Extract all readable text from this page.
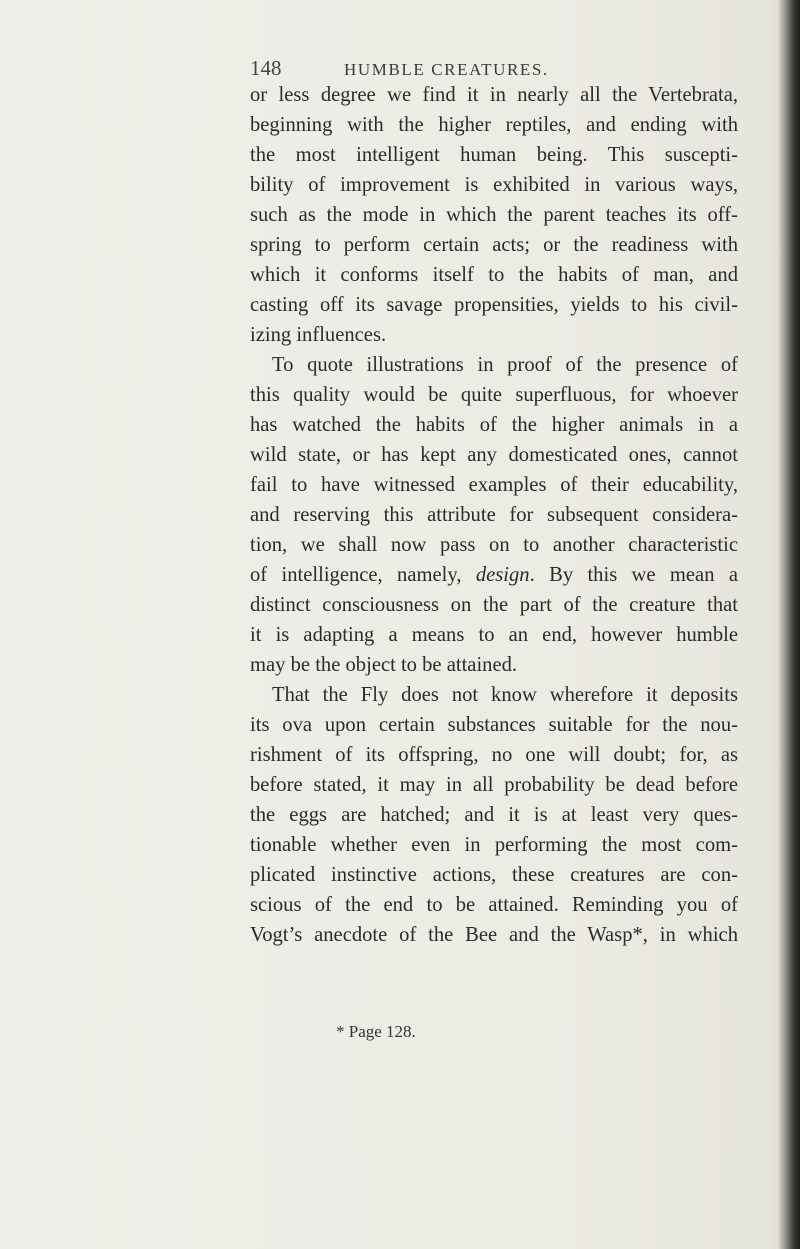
148	HUMBLE CREATURES.
or less degree we find it in nearly all the Vertebrata,
beginning with the higher reptiles, and ending with
the most intelligent human being. This suscepti-
bility of improvement is exhibited in various ways,
such as the mode in which the parent teaches its off-
spring to perform certain acts; or the readiness with
which it conforms itself to the habits of man, and
casting off its savage propensities, yields to his civil-
izing influences.
To quote illustrations in proof of the presence of
this quality would be quite superfluous, for whoever
has watched the habits of the higher animals in a
wild state, or has kept any domesticated ones, cannot
fail to have witnessed examples of their educability,
and reserving this attribute for subsequent considera-
tion, we shall now pass on to another characteristic
of intelligence, namely, design. By this we mean a
distinct consciousness on the part of the creature that
it is adapting a means to an end, however humble
may be the object to be attained.
That the Fly does not know wherefore it deposits
its ova upon certain substances suitable for the nou-
rishment of its offspring, no one will doubt; for, as
before stated, it may in all probability be dead before
the eggs are hatched; and it is at least very ques-
tionable whether even in performing the most com-
plicated instinctive actions, these creatures are con-
scious of the end to be attained. Reminding you of
Vogt’s anecdote of the Bee and the Wasp*, in which
* Page 128.
